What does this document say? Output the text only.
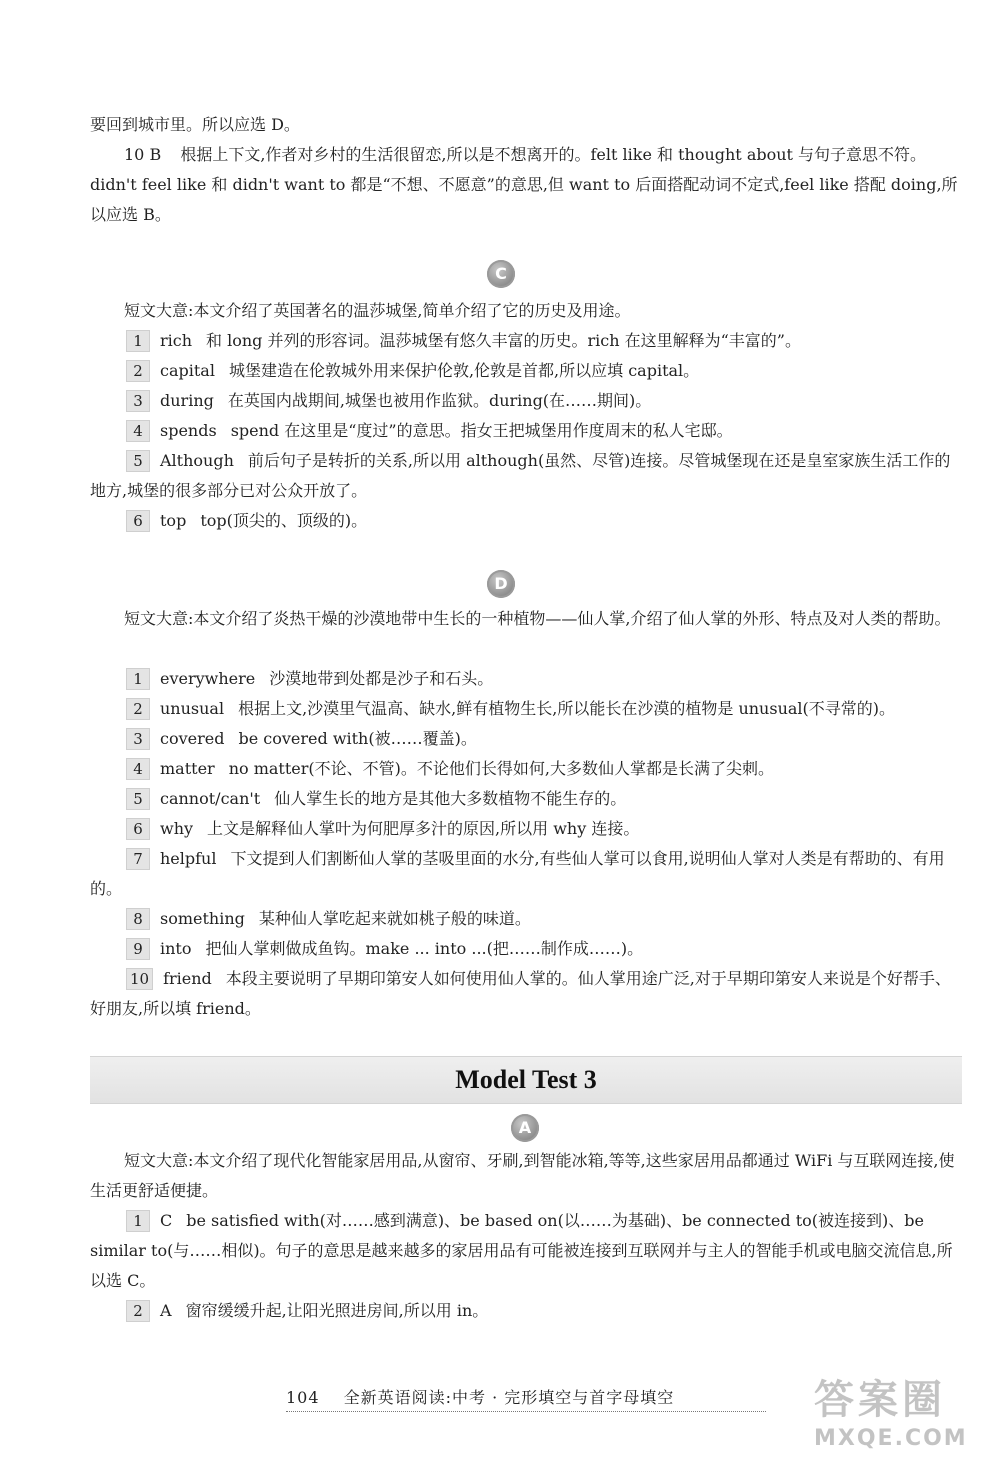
要回到城市里。所以应选 D。

10 B 根据上下文,作者对乡村的生活很留恋,所以是不想离开的。felt like 和 thought about 与句子意思不符。didn't feel like 和 didn't want to 都是“不想、不愿意”的意思,但 want to 后面搭配动词不定式,feel like 搭配 doing,所以应选 B。

C

短文大意:本文介绍了英国著名的温莎城堡,简单介绍了它的历史及用途。

1 rich 和 long 并列的形容词。温莎城堡有悠久丰富的历史。rich 在这里解释为“丰富的”。

2 capital 城堡建造在伦敦城外用来保护伦敦,伦敦是首都,所以应填 capital。

3 during 在英国内战期间,城堡也被用作监狱。during(在……期间)。

4 spends spend 在这里是“度过”的意思。指女王把城堡用作度周末的私人宅邸。

5 Although 前后句子是转折的关系,所以用 although(虽然、尽管)连接。尽管城堡现在还是皇室家族生活工作的地方,城堡的很多部分已对公众开放了。

6 top top(顶尖的、顶级的)。

D

短文大意:本文介绍了炎热干燥的沙漠地带中生长的一种植物——仙人掌,介绍了仙人掌的外形、特点及对人类的帮助。

1 everywhere 沙漠地带到处都是沙子和石头。

2 unusual 根据上文,沙漠里气温高、缺水,鲜有植物生长,所以能长在沙漠的植物是 unusual(不寻常的)。

3 covered be covered with(被……覆盖)。

4 matter no matter(不论、不管)。不论他们长得如何,大多数仙人掌都是长满了尖刺。

5 cannot/can't 仙人掌生长的地方是其他大多数植物不能生存的。

6 why 上文是解释仙人掌叶为何肥厚多汁的原因,所以用 why 连接。

7 helpful 下文提到人们割断仙人掌的茎吸里面的水分,有些仙人掌可以食用,说明仙人掌对人类是有帮助的、有用的。

8 something 某种仙人掌吃起来就如桃子般的味道。

9 into 把仙人掌刺做成鱼钩。make ... into ...(把……制作成……)。

10 friend 本段主要说明了早期印第安人如何使用仙人掌的。仙人掌用途广泛,对于早期印第安人来说是个好帮手、好朋友,所以填 friend。

Model Test 3
A

短文大意:本文介绍了现代化智能家居用品,从窗帘、牙刷,到智能冰箱,等等,这些家居用品都通过 WiFi 与互联网连接,使生活更舒适便捷。

1 C be satisfied with(对……感到满意)、be based on(以……为基础)、be connected to(被连接到)、be similar to(与……相似)。句子的意思是越来越多的家居用品有可能被连接到互联网并与主人的智能手机或电脑交流信息,所以选 C。

2 A 窗帘缓缓升起,让阳光照进房间,所以用 in。

104 全新英语阅读:中考 · 完形填空与首字母填空	答案圈
MXQE.COM
